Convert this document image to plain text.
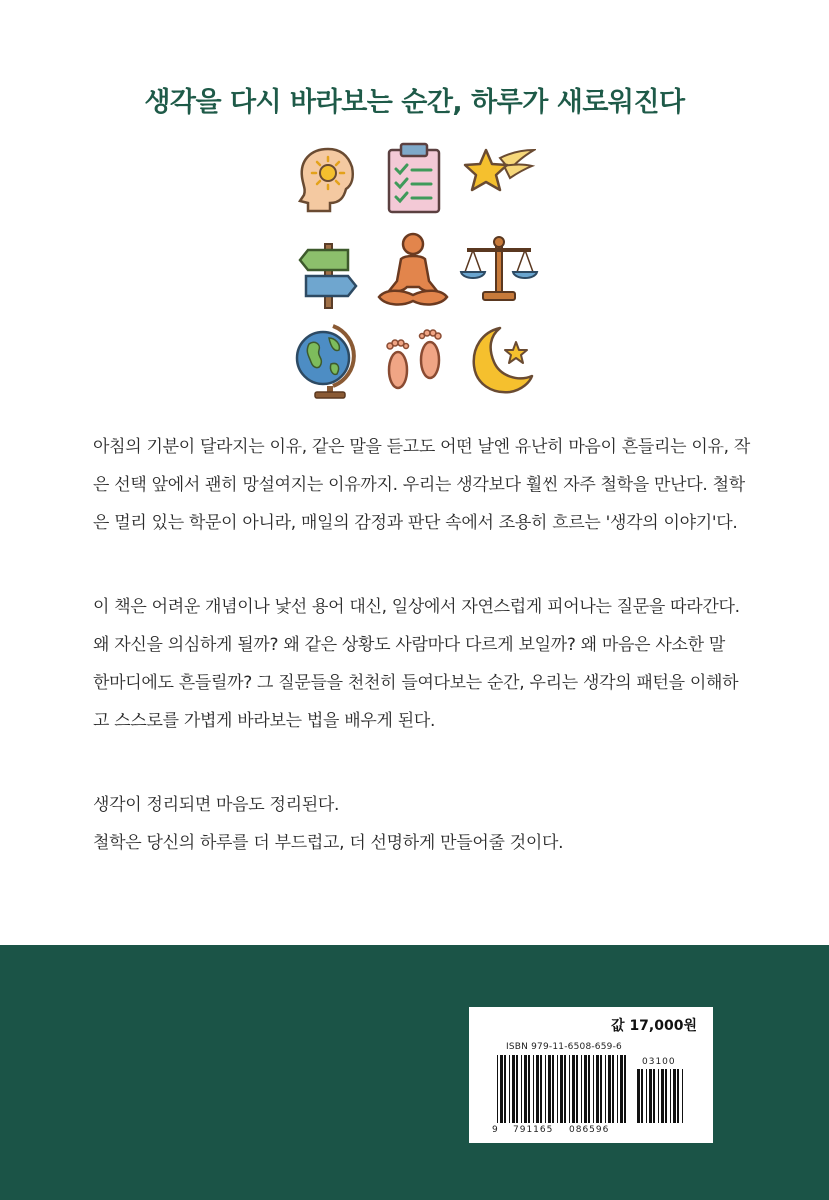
생각을 다시 바라보는 순간, 하루가 새로워진다
아침의 기분이 달라지는 이유, 같은 말을 듣고도 어떤 날엔 유난히 마음이 흔들리는 이유, 작
은 선택 앞에서 괜히 망설여지는 이유까지. 우리는 생각보다 훨씬 자주 철학을 만난다. 철학
은 멀리 있는 학문이 아니라, 매일의 감정과 판단 속에서 조용히 흐르는 '생각의 이야기'다.
이 책은 어려운 개념이나 낯선 용어 대신, 일상에서 자연스럽게 피어나는 질문을 따라간다.
왜 자신을 의심하게 될까? 왜 같은 상황도 사람마다 다르게 보일까? 왜 마음은 사소한 말
한마디에도 흔들릴까? 그 질문들을 천천히 들여다보는 순간, 우리는 생각의 패턴을 이해하
고 스스로를 가볍게 바라보는 법을 배우게 된다.
생각이 정리되면 마음도 정리된다.
철학은 당신의 하루를 더 부드럽고, 더 선명하게 만들어줄 것이다.
값 17,000원
ISBN 979-11-6508-659-6
03100
9 791165 086596
